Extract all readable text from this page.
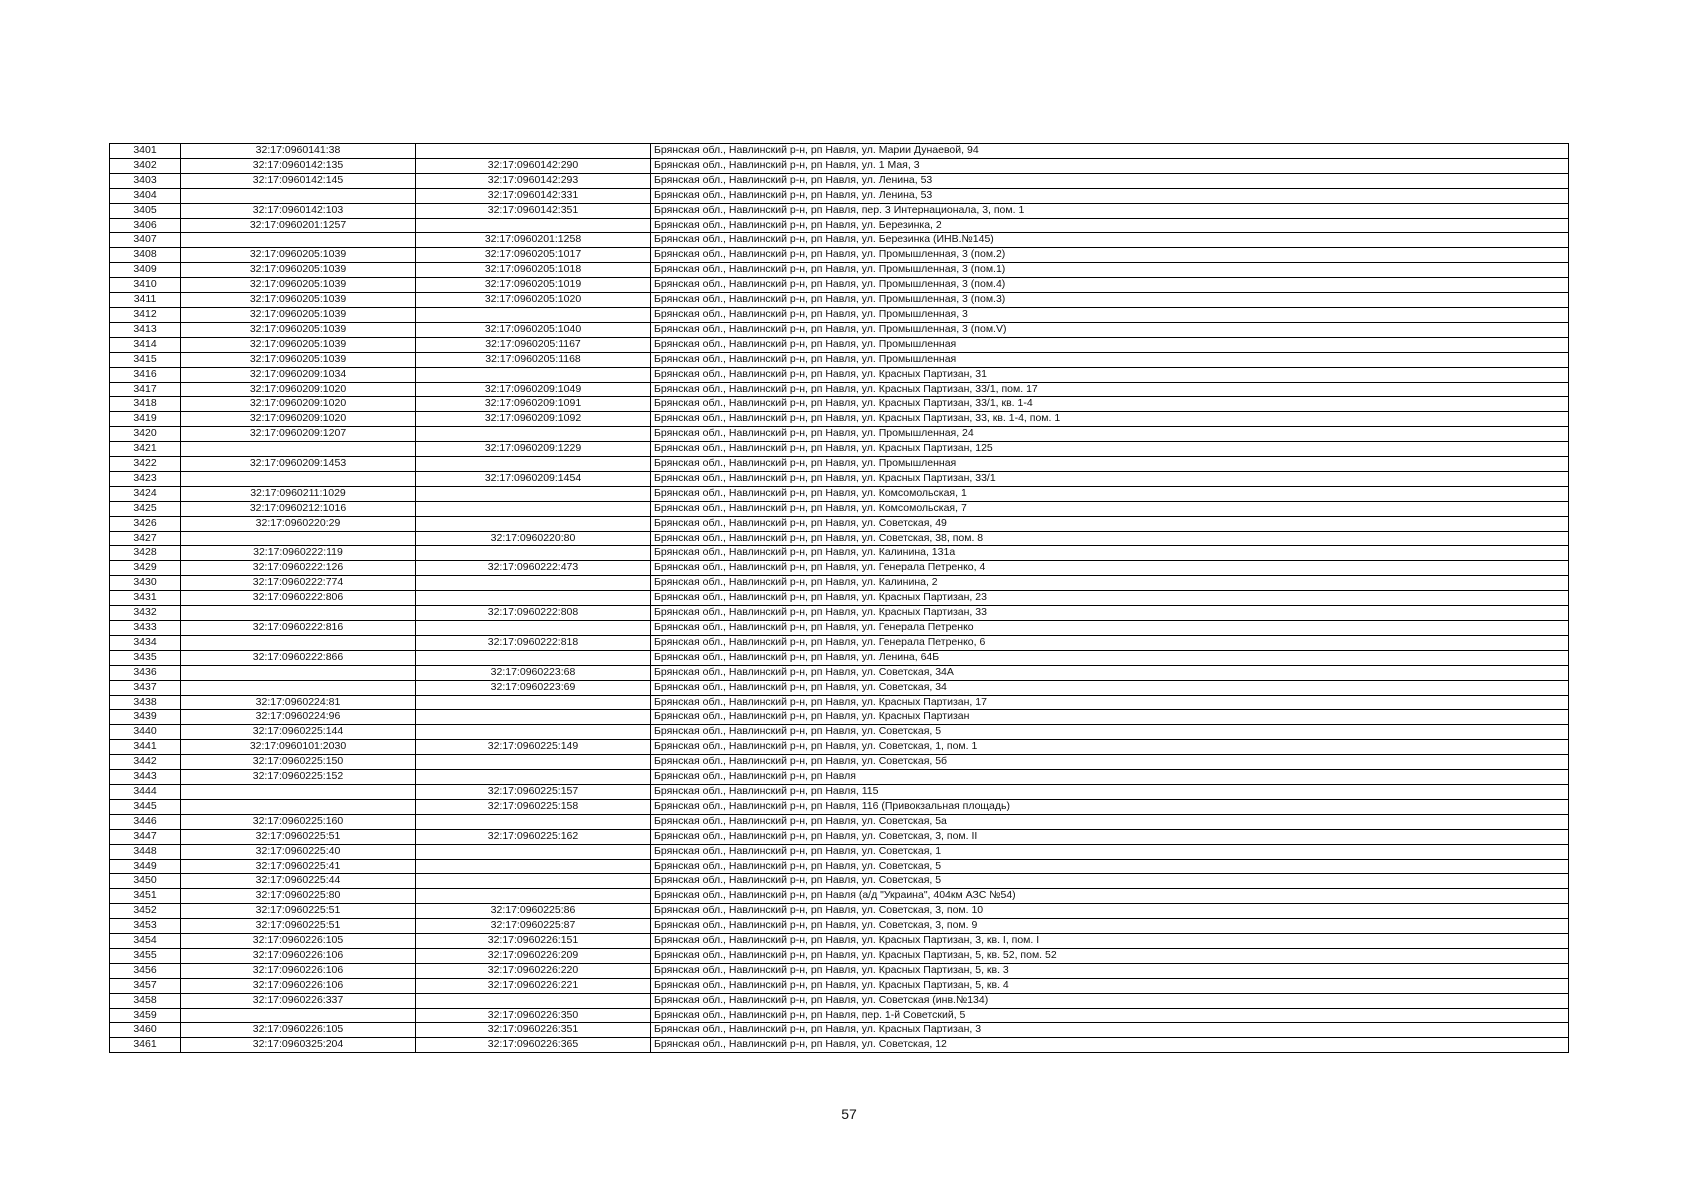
3401	32:17:0960141:38		Брянская обл., Навлинский р-н, рп Навля, ул. Марии Дунаевой, 94
3402	32:17:0960142:135	32:17:0960142:290	Брянская обл., Навлинский р-н, рп Навля, ул. 1 Мая, 3
3403	32:17:0960142:145	32:17:0960142:293	Брянская обл., Навлинский р-н, рп Навля, ул. Ленина, 53
3404		32:17:0960142:331	Брянская обл., Навлинский р-н, рп Навля, ул. Ленина, 53
3405	32:17:0960142:103	32:17:0960142:351	Брянская обл., Навлинский р-н, рп Навля, пер. 3 Интернационала, 3, пом. 1
3406	32:17:0960201:1257		Брянская обл., Навлинский р-н, рп Навля, ул. Березинка, 2
3407		32:17:0960201:1258	Брянская обл., Навлинский р-н, рп Навля, ул. Березинка (ИНВ.№145)
3408	32:17:0960205:1039	32:17:0960205:1017	Брянская обл., Навлинский р-н, рп Навля, ул. Промышленная, 3 (пом.2)
3409	32:17:0960205:1039	32:17:0960205:1018	Брянская обл., Навлинский р-н, рп Навля, ул. Промышленная, 3 (пом.1)
3410	32:17:0960205:1039	32:17:0960205:1019	Брянская обл., Навлинский р-н, рп Навля, ул. Промышленная, 3 (пом.4)
3411	32:17:0960205:1039	32:17:0960205:1020	Брянская обл., Навлинский р-н, рп Навля, ул. Промышленная, 3 (пом.3)
3412	32:17:0960205:1039		Брянская обл., Навлинский р-н, рп Навля, ул. Промышленная, 3
3413	32:17:0960205:1039	32:17:0960205:1040	Брянская обл., Навлинский р-н, рп Навля, ул. Промышленная, 3 (пом.V)
3414	32:17:0960205:1039	32:17:0960205:1167	Брянская обл., Навлинский р-н, рп Навля, ул. Промышленная
3415	32:17:0960205:1039	32:17:0960205:1168	Брянская обл., Навлинский р-н, рп Навля, ул. Промышленная
3416	32:17:0960209:1034		Брянская обл., Навлинский р-н, рп Навля, ул. Красных Партизан, 31
3417	32:17:0960209:1020	32:17:0960209:1049	Брянская обл., Навлинский р-н, рп Навля, ул. Красных Партизан, 33/1, пом. 17
3418	32:17:0960209:1020	32:17:0960209:1091	Брянская обл., Навлинский р-н, рп Навля, ул. Красных Партизан, 33/1, кв. 1-4
3419	32:17:0960209:1020	32:17:0960209:1092	Брянская обл., Навлинский р-н, рп Навля, ул. Красных Партизан, 33, кв. 1-4, пом. 1
3420	32:17:0960209:1207		Брянская обл., Навлинский р-н, рп Навля, ул. Промышленная, 24
3421		32:17:0960209:1229	Брянская обл., Навлинский р-н, рп Навля, ул. Красных Партизан, 125
3422	32:17:0960209:1453		Брянская обл., Навлинский р-н, рп Навля, ул. Промышленная
3423		32:17:0960209:1454	Брянская обл., Навлинский р-н, рп Навля, ул. Красных Партизан, 33/1
3424	32:17:0960211:1029		Брянская обл., Навлинский р-н, рп Навля, ул. Комсомольская, 1
3425	32:17:0960212:1016		Брянская обл., Навлинский р-н, рп Навля, ул. Комсомольская, 7
3426	32:17:0960220:29		Брянская обл., Навлинский р-н, рп Навля, ул. Советская, 49
3427		32:17:0960220:80	Брянская обл., Навлинский р-н, рп Навля, ул. Советская, 38, пом. 8
3428	32:17:0960222:119		Брянская обл., Навлинский р-н, рп Навля, ул. Калинина, 131а
3429	32:17:0960222:126	32:17:0960222:473	Брянская обл., Навлинский р-н, рп Навля, ул. Генерала Петренко, 4
3430	32:17:0960222:774		Брянская обл., Навлинский р-н, рп Навля, ул. Калинина, 2
3431	32:17:0960222:806		Брянская обл., Навлинский р-н, рп Навля, ул. Красных Партизан, 23
3432		32:17:0960222:808	Брянская обл., Навлинский р-н, рп Навля, ул. Красных Партизан, 33
3433	32:17:0960222:816		Брянская обл., Навлинский р-н, рп Навля, ул. Генерала Петренко
3434		32:17:0960222:818	Брянская обл., Навлинский р-н, рп Навля, ул. Генерала Петренко, 6
3435	32:17:0960222:866		Брянская обл., Навлинский р-н, рп Навля, ул. Ленина, 64Б
3436		32:17:0960223:68	Брянская обл., Навлинский р-н, рп Навля, ул. Советская, 34А
3437		32:17:0960223:69	Брянская обл., Навлинский р-н, рп Навля, ул. Советская, 34
3438	32:17:0960224:81		Брянская обл., Навлинский р-н, рп Навля, ул. Красных Партизан, 17
3439	32:17:0960224:96		Брянская обл., Навлинский р-н, рп Навля, ул. Красных Партизан
3440	32:17:0960225:144		Брянская обл., Навлинский р-н, рп Навля, ул. Советская, 5
3441	32:17:0960101:2030	32:17:0960225:149	Брянская обл., Навлинский р-н, рп Навля, ул. Советская, 1, пом. 1
3442	32:17:0960225:150		Брянская обл., Навлинский р-н, рп Навля, ул. Советская, 5б
3443	32:17:0960225:152		Брянская обл., Навлинский р-н, рп Навля
3444		32:17:0960225:157	Брянская обл., Навлинский р-н, рп Навля, 115
3445		32:17:0960225:158	Брянская обл., Навлинский р-н, рп Навля, 116 (Привокзальная площадь)
3446	32:17:0960225:160		Брянская обл., Навлинский р-н, рп Навля, ул. Советская, 5а
3447	32:17:0960225:51	32:17:0960225:162	Брянская обл., Навлинский р-н, рп Навля, ул. Советская, 3, пом. II
3448	32:17:0960225:40		Брянская обл., Навлинский р-н, рп Навля, ул. Советская, 1
3449	32:17:0960225:41		Брянская обл., Навлинский р-н, рп Навля, ул. Советская, 5
3450	32:17:0960225:44		Брянская обл., Навлинский р-н, рп Навля, ул. Советская, 5
3451	32:17:0960225:80		Брянская обл., Навлинский р-н, рп Навля (а/д "Украина", 404км АЗС №54)
3452	32:17:0960225:51	32:17:0960225:86	Брянская обл., Навлинский р-н, рп Навля, ул. Советская, 3, пом. 10
3453	32:17:0960225:51	32:17:0960225:87	Брянская обл., Навлинский р-н, рп Навля, ул. Советская, 3, пом. 9
3454	32:17:0960226:105	32:17:0960226:151	Брянская обл., Навлинский р-н, рп Навля, ул. Красных Партизан, 3, кв. I, пом. I
3455	32:17:0960226:106	32:17:0960226:209	Брянская обл., Навлинский р-н, рп Навля, ул. Красных Партизан, 5, кв. 52, пом. 52
3456	32:17:0960226:106	32:17:0960226:220	Брянская обл., Навлинский р-н, рп Навля, ул. Красных Партизан, 5, кв. 3
3457	32:17:0960226:106	32:17:0960226:221	Брянская обл., Навлинский р-н, рп Навля, ул. Красных Партизан, 5, кв. 4
3458	32:17:0960226:337		Брянская обл., Навлинский р-н, рп Навля, ул. Советская (инв.№134)
3459		32:17:0960226:350	Брянская обл., Навлинский р-н, рп Навля, пер. 1-й Советский, 5
3460	32:17:0960226:105	32:17:0960226:351	Брянская обл., Навлинский р-н, рп Навля, ул. Красных Партизан, 3
3461	32:17:0960325:204	32:17:0960226:365	Брянская обл., Навлинский р-н, рп Навля, ул. Советская, 12
57
